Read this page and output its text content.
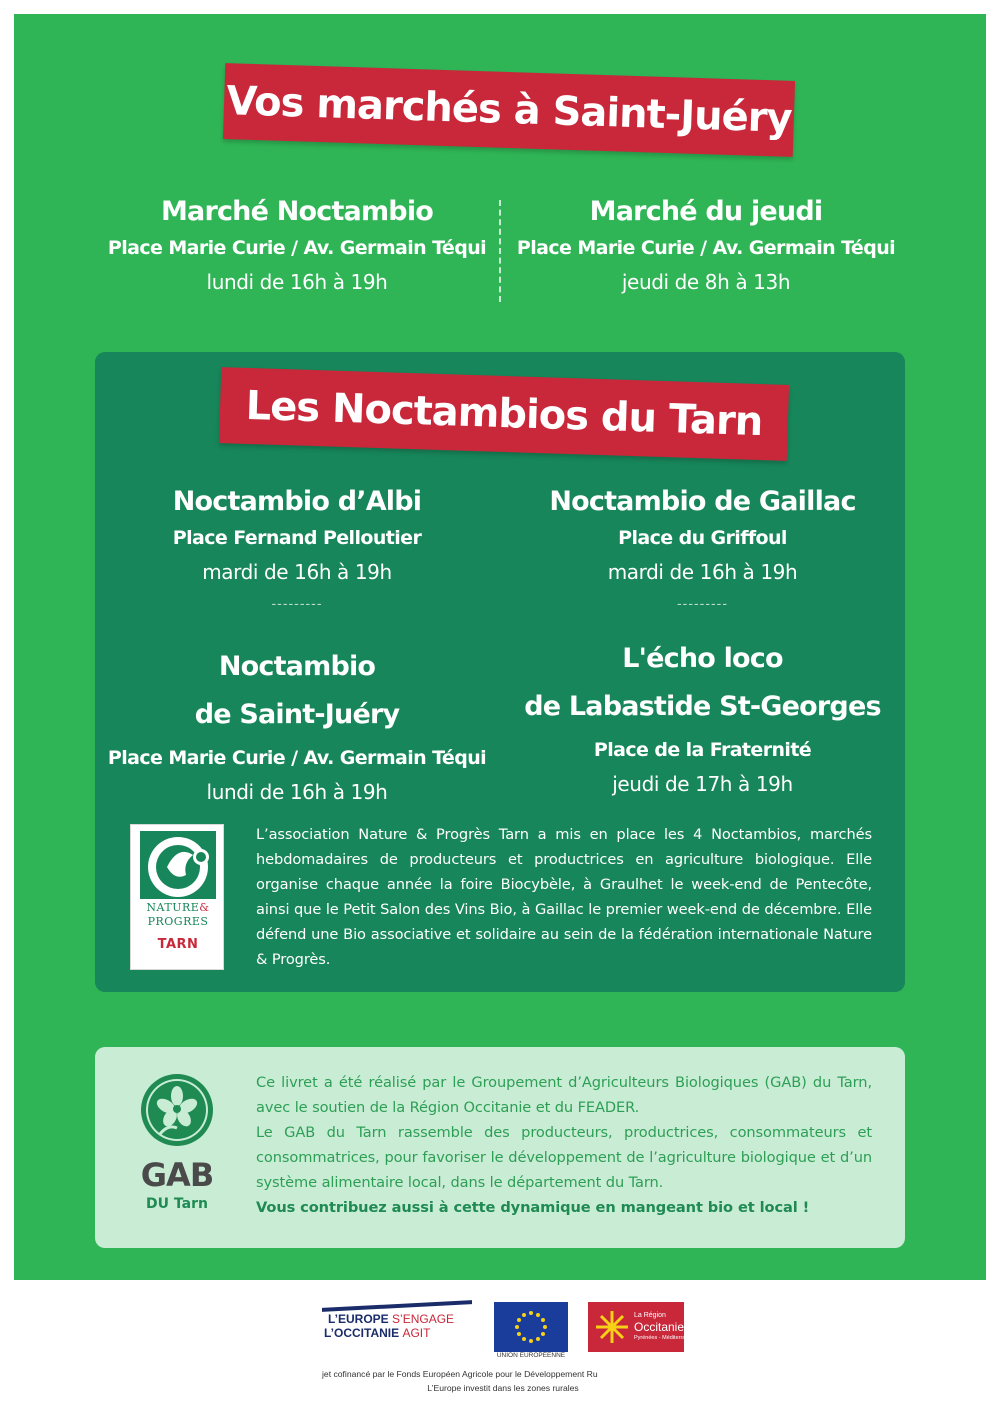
Vos marchés à Saint-Juéry
Marché Noctambio
Place Marie Curie / Av. Germain Téqui
lundi de 16h à 19h
Marché du jeudi
Place Marie Curie / Av. Germain Téqui
jeudi de 8h à 13h
Les Noctambios du Tarn
Noctambio d’Albi
Place Fernand Pelloutier
mardi de 16h à 19h
---------
Noctambio de Gaillac
Place du Griffoul
mardi de 16h à 19h
---------
Noctambio
de Saint-Juéry
Place Marie Curie / Av. Germain Téqui
lundi de 16h à 19h
L'écho loco
de Labastide St-Georges
Place de la Fraternité
jeudi de 17h à 19h
NATURE&
PROGRES
TARN
L’association Nature & Progrès Tarn a mis en place les 4 Noctambios, marchés hebdomadaires de producteurs et productrices en agriculture biologique. Elle organise chaque année la foire Biocybèle, à Graulhet le week-end de Pentecôte, ainsi que le Petit Salon des Vins Bio, à Gaillac le premier week-end de décembre. Elle défend une Bio associative et solidaire au sein de la fédération internationale Nature & Progrès.
GAB
DU Tarn

Ce livret a été réalisé par le Groupement d’Agriculteurs Biologiques (GAB) du Tarn, avec le soutien de la Région Occitanie et du FEADER.

Le GAB du Tarn rassemble des producteurs, productrices, consommateurs et consommatrices, pour favoriser le développement de l’agriculture biologique et d’un système alimentaire local, dans le département du Tarn.

Vous contribuez aussi à cette dynamique en mangeant bio et local !

L’EUROPE S’ENGAGE
L’OCCITANIE AGIT
UNION EUROPÉENNE
La Région
Occitanie
Pyrénées - Méditerranée
jet cofinancé par le Fonds Européen Agricole pour le Développement Ru
L’Europe investit dans les zones rurales
